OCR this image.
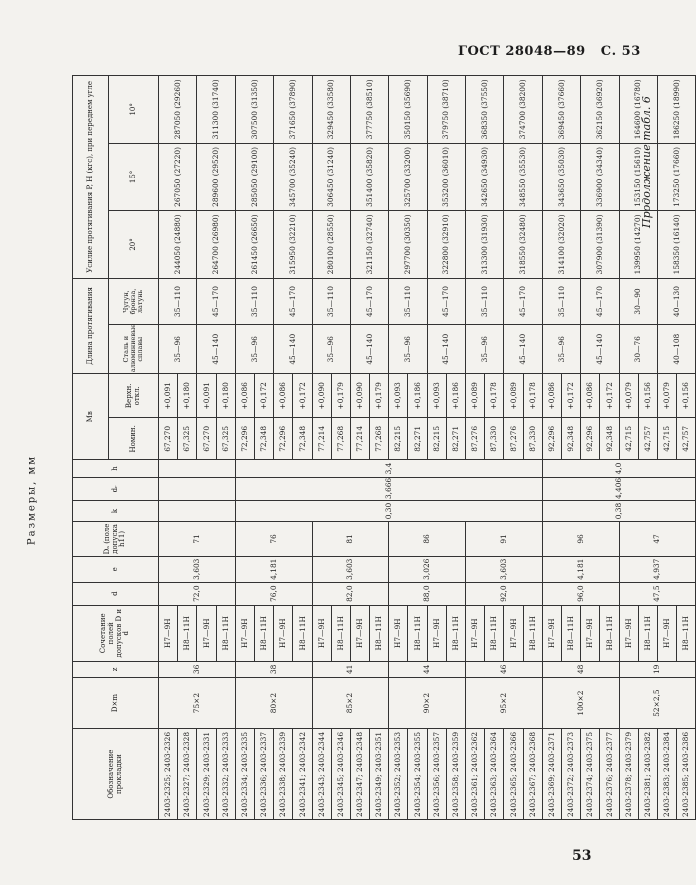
ГОСТ 28048—89 С. 53
Продолжение табл. 6
Размеры, мм
Обозначение прокладки	D×m	z	Сочетание полей допусков D и d	d	e	Dₐ (поле допуска h11)	k	dᵣ	h	Mв		Длина протягивания		Усилие протягивания P, Н (кгс), при переднем угле		
										Номин.	Верхн. откл.	Сталь и алюминиевые сплавы	Чугун, бронза, латунь	20°	15°	10°
2403-2325; 2403-2326	75×2	36	H7—9H	72,0	3,603	71				67,270	+0,091	35—96	35—110	244050 (24880)	267050 (27220)	287050 (29260)
2403-2327; 2403-2328			H8—11H							67,325	+0,180					
2403-2329; 2403-2331			H7—9H							67,270	+0,091	45—140	45—170	264700 (26980)	289600 (29520)	311300 (31740)
2403-2332; 2403-2333			H8—11H							67,325	+0,180					
2403-2334; 2403-2335	80×2	38	H7—9H	76,0	4,181	76	0,30	3,666	3,4	72,296	+0,086	35—96	35—110	261450 (26650)	285050 (29100)	307500 (31350)
2403-2336; 2403-2337			H8—11H							72,348	+0,172					
2403-2338; 2403-2339			H7—9H							72,296	+0,086	45—140	45—170	315950 (32210)	345700 (35240)	371650 (37890)
2403-2341; 2403-2342			H8—11H							72,348	+0,172					
2403-2343; 2403-2344	85×2	41	H7—9H	82,0	3,603	81				77,214	+0,090	35—96	35—110	280100 (28550)	306450 (31240)	329450 (33580)
2403-2345; 2403-2346			H8—11H							77,268	+0,179					
2403-2347; 2403-2348			H7—9H							77,214	+0,090	45—140	45—170	321150 (32740)	351400 (35820)	377750 (38510)
2403-2349; 2403-2351			H8—11H							77,268	+0,179					
2403-2352; 2403-2353	90×2	44	H7—9H	88,0	3,026	86				82,215	+0,093	35—96	35—110	297700 (30350)	325700 (33200)	350150 (35690)
2403-2354; 2403-2355			H8—11H							82,271	+0,186					
2403-2356; 2403-2357			H7—9H							82,215	+0,093	45—140	45—170	322800 (32910)	353200 (36010)	379750 (38710)
2403-2358; 2403-2359			H8—11H							82,271	+0,186					
2403-2361; 2403-2362	95×2	46	H7—9H	92,0	3,603	91				87,276	+0,089	35—96	35—110	313300 (31930)	342650 (34930)	368350 (37550)
2403-2363; 2403-2364			H8—11H							87,330	+0,178					
2403-2365; 2403-2366			H7—9H							87,276	+0,089	45—140	45—170	318550 (32480)	348550 (35530)	374700 (38200)
2403-2367; 2403-2368			H8—11H							87,330	+0,178					
2403-2369; 2403-2371	100×2	48	H7—9H	96,0	4,181	96	0,38	4,406	4,0	92,296	+0,086	35—96	35—110	314100 (32020)	343650 (35030)	369450 (37660)
2403-2372; 2403-2373			H8—11H							92,348	+0,172					
2403-2374; 2403-2375			H7—9H							92,296	+0,086	45—140	45—170	307900 (31390)	336900 (34340)	362150 (36920)
2403-2376; 2403-2377			H8—11H							92,348	+0,172					
2403-2378; 2403-2379	52×2,5	19	H7—9H	47,5	4,937	47				42,715	+0,079	30—76	30—90	139950 (14270)	153150 (15610)	164600 (16780)
2403-2381; 2403-2382			H8—11H							42,757	+0,156					
2403-2383; 2403-2384			H7—9H							42,715	+0,079	40—108	40—130	158350 (16140)	173250 (17660)	186250 (18990)
2403-2385; 2403-2386			H8—11H							42,757	+0,156					
53
